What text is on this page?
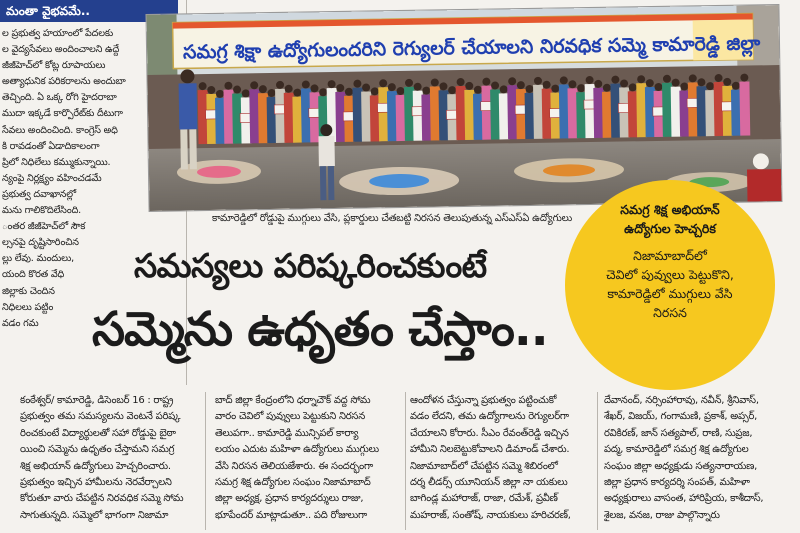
మంతా వైభవమే..
ల ప్రభుత్వ హయాంలో పేదలకు
ల వైద్యసేవలు అందించాలని ఉద్దే
జీజీహెచ్‌లో కోట్ల రూపాయలు
అత్యాధునిక పరికరాలను అందుబా
తెచ్చింది. ఏ ఒక్క రోగి హైదరాబా
ముదా ఇక్కడే కార్పొరేట్‌కు దీటుగా
సేవలు అందించింది. కాంగ్రెస్ అధి
కి రావడంతో ఏడాదికాలంగా
ప్రిలో నిధిలేలు కమ్ముకున్నాయి.
న్యంపై నిర్లక్ష్యం వహించడమే
ప్రభుత్వ దవాఖానల్లో
మను గాలికొదిలేసింది.
ంతర జీజీహెచ్‌లో సౌక
ల్సనపై దృష్టిసారించిన
ల్లు లేవు. మందులు,
యంది కొరత వేధి
జిల్లాకు చెందిన
నిధిలలు పట్టిం
వడం గమ
సమగ్ర శిక్షా ఉద్యోగులందరిని రెగ్యులర్ చేయాలని నిరవధిక సమ్మె కామారెడ్డి జిల్లా
కామారెడ్డిలో రోడ్డుపై ముగ్గులు వేసి, ప్లకార్డులు చేతబట్టి నిరసన తెలుపుతున్న ఎస్ఎస్ఏ ఉద్యోగులు
సమస్యలు పరిష్కరించకుంటే
సమ్మెను ఉధృతం చేస్తాం..
సమగ్ర శిక్ష అభియాన్
ఉద్యోగుల హెచ్చరిక
నిజామాబాద్‌లో
చెవిలో పువ్వులు పెట్టుకొని,
కామారెడ్డిలో ముగ్గులు వేసి
నిరసన
కంఠేశ్వర్/ కామారెడ్డి, డిసెంబర్ 16 : రాష్ట్ర
ప్రభుత్వం తమ సమస్యలను వెంటనే పరిష్క
రించకుంటే విద్యార్థులతో సహా రోడ్డుపై బైఠా
యించి సమ్మెను ఉధృతం చేస్తామని సమగ్ర
శిక్ష అభియాన్ ఉద్యోగులు హెచ్చరించారు.
ప్రభుత్వం ఇచ్చిన హామీలను నెరవేర్చాలని
కోరుతూ వారు చేపట్టిన నిరవధిక సమ్మె సోమ
సాగుతున్నది. సమ్మెలో భాగంగా నిజామా
బాద్ జిల్లా కేంద్రంలోని ధర్నాచౌక్ వద్ద సోమ
వారం చెవిలో పువ్వులు పెట్టుకుని నిరసన
తెలుపగా.. కామారెడ్డి మున్సిపల్ కార్యా
లయం ఎదుట మహిళా ఉద్యోగులు ముగ్గులు
వేసి నిరసన తెలియజేశారు. ఈ సందర్భంగా
సమగ్ర శిక్ష ఉద్యోగుల సంఘం నిజామాబాద్
జిల్లా అధ్యక్ష, ప్రధాన కార్యదర్శులు రాజు,
భూపేందర్ మాట్లాడుతూ.. పది రోజులుగా
ఆందోళన చేస్తున్నా ప్రభుత్వం పట్టించుకో
వడం లేదని, తమ ఉద్యోగాలను రెగ్యులర్‌గా
చేయాలని కోరారు. సీఎం రేవంత్‌రెడ్డి ఇచ్చిన
హామీని నిలబెట్టుకోవాలని డిమాండ్ చేశారు.
నిజామాబాద్‌లో చేపట్టిన సమ్మె శిబిరంలో
దర్శ లీడర్స్ యూనియన్ జిల్లా నా యకులు
బాగిండ్ల మహారాజ్, రాజా, రమేశ్, ప్రవీణ్
మహరాజ్, సంతోష్, నాయకులు హరిచరణ్,
దేవానంద్, నర్సింహారావు, నవీన్, శ్రీనివాస్,
శేఖర్, విజయ్, గంగామణి, ప్రకాశ్, అప్సర్,
రవికిరణ్, జాన్ సత్యపాల్, రాణి, సుప్రజ,
పద్మ, కామారెడ్డిలో సమగ్ర శిక్ష ఉద్యోగుల
సంఘం జిల్లా అధ్యక్షుడు సత్యనారాయణ,
జిల్లా ప్రధాన కార్యదర్శి సంపత్, మహిళా
అధ్యక్షురాలు వాసంత, హారిప్రియ, కాశీదాస్,
శైలజ, వనజ, రాజు పాల్గొన్నారు
